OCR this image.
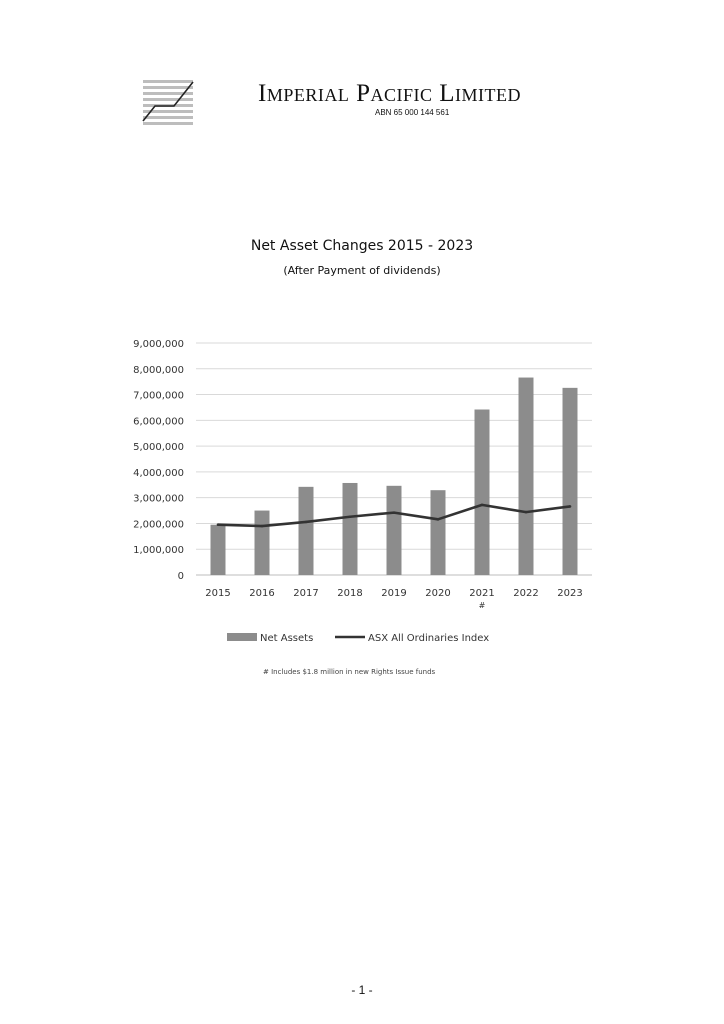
Imperial Pacific Limited
ABN 65 000 144 561
Net Asset Changes 2015 - 2023
(After Payment of dividends)
0
1,000,000
2,000,000
3,000,000
4,000,000
5,000,000
6,000,000
7,000,000
8,000,000
9,000,000
2015 2016 2017 2018 2019 2020 2021
#
2022 2023
Net Assets	ASX All Ordinaries Index
# Includes $1.8 million in new Rights Issue funds
- 1 -
